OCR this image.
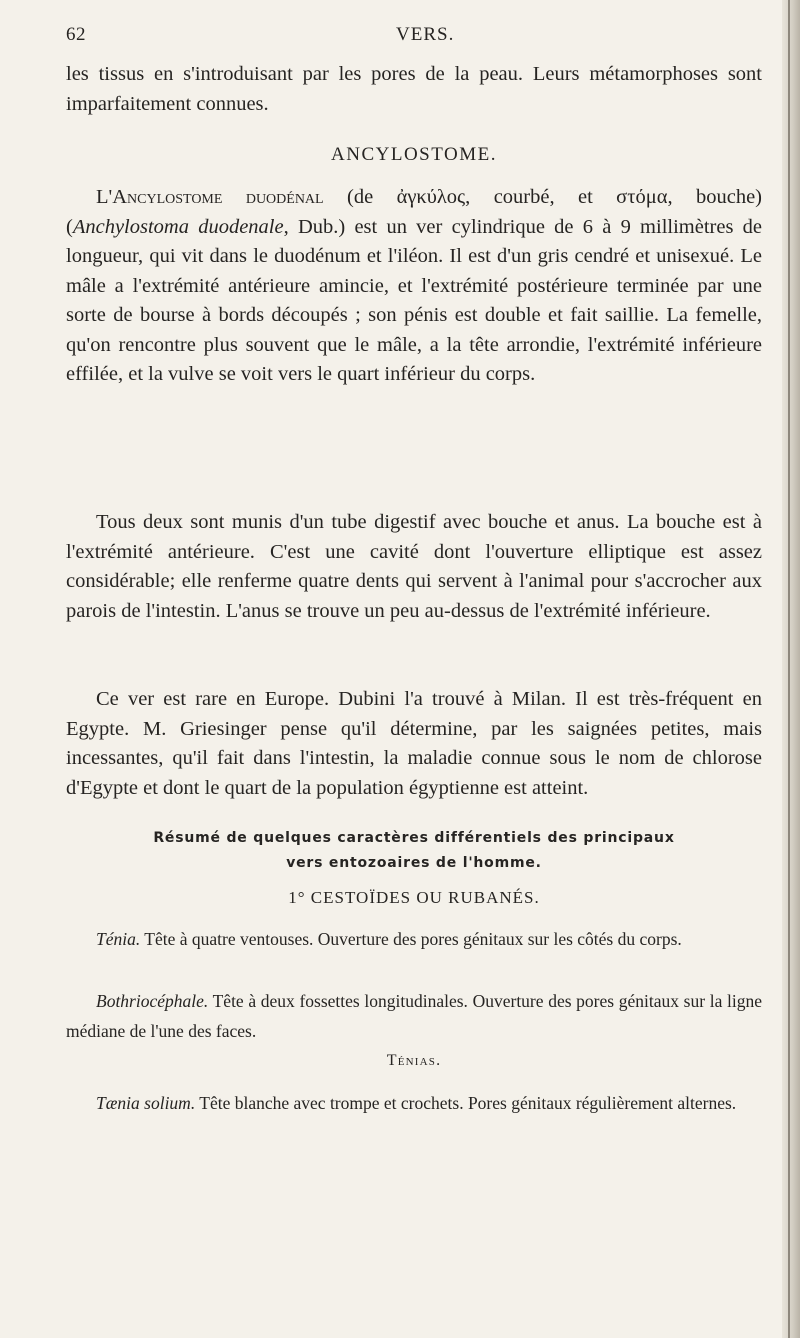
62	VERS.

les tissus en s'introduisant par les pores de la peau. Leurs métamorphoses sont imparfaitement connues.

ANCYLOSTOME.

L'Ancylostome duodénal (de ἀγκύλος, courbé, et στόμα, bouche) (Anchylostoma duodenale, Dub.) est un ver cylindrique de 6 à 9 millimètres de longueur, qui vit dans le duodénum et l'iléon. Il est d'un gris cendré et unisexué. Le mâle a l'extrémité antérieure amincie, et l'extrémité postérieure terminée par une sorte de bourse à bords découpés ; son pénis est double et fait saillie. La femelle, qu'on rencontre plus souvent que le mâle, a la tête arrondie, l'extrémité inférieure effilée, et la vulve se voit vers le quart inférieur du corps.

Tous deux sont munis d'un tube digestif avec bouche et anus. La bouche est à l'extrémité antérieure. C'est une cavité dont l'ouverture elliptique est assez considérable; elle renferme quatre dents qui servent à l'animal pour s'accrocher aux parois de l'intestin. L'anus se trouve un peu au-dessus de l'extrémité inférieure.

Ce ver est rare en Europe. Dubini l'a trouvé à Milan. Il est très-fréquent en Egypte. M. Griesinger pense qu'il détermine, par les saignées petites, mais incessantes, qu'il fait dans l'intestin, la maladie connue sous le nom de chlorose d'Egypte et dont le quart de la population égyptienne est atteint.

Résumé de quelques caractères différentiels des principaux
vers entozoaires de l'homme.

1° CESTOÏDES OU RUBANÉS.

Ténia. Tête à quatre ventouses. Ouverture des pores génitaux sur les côtés du corps.

Bothriocéphale. Tête à deux fossettes longitudinales. Ouverture des pores génitaux sur la ligne médiane de l'une des faces.

Ténias.

Tænia solium. Tête blanche avec trompe et crochets. Pores génitaux régulièrement alternes.
